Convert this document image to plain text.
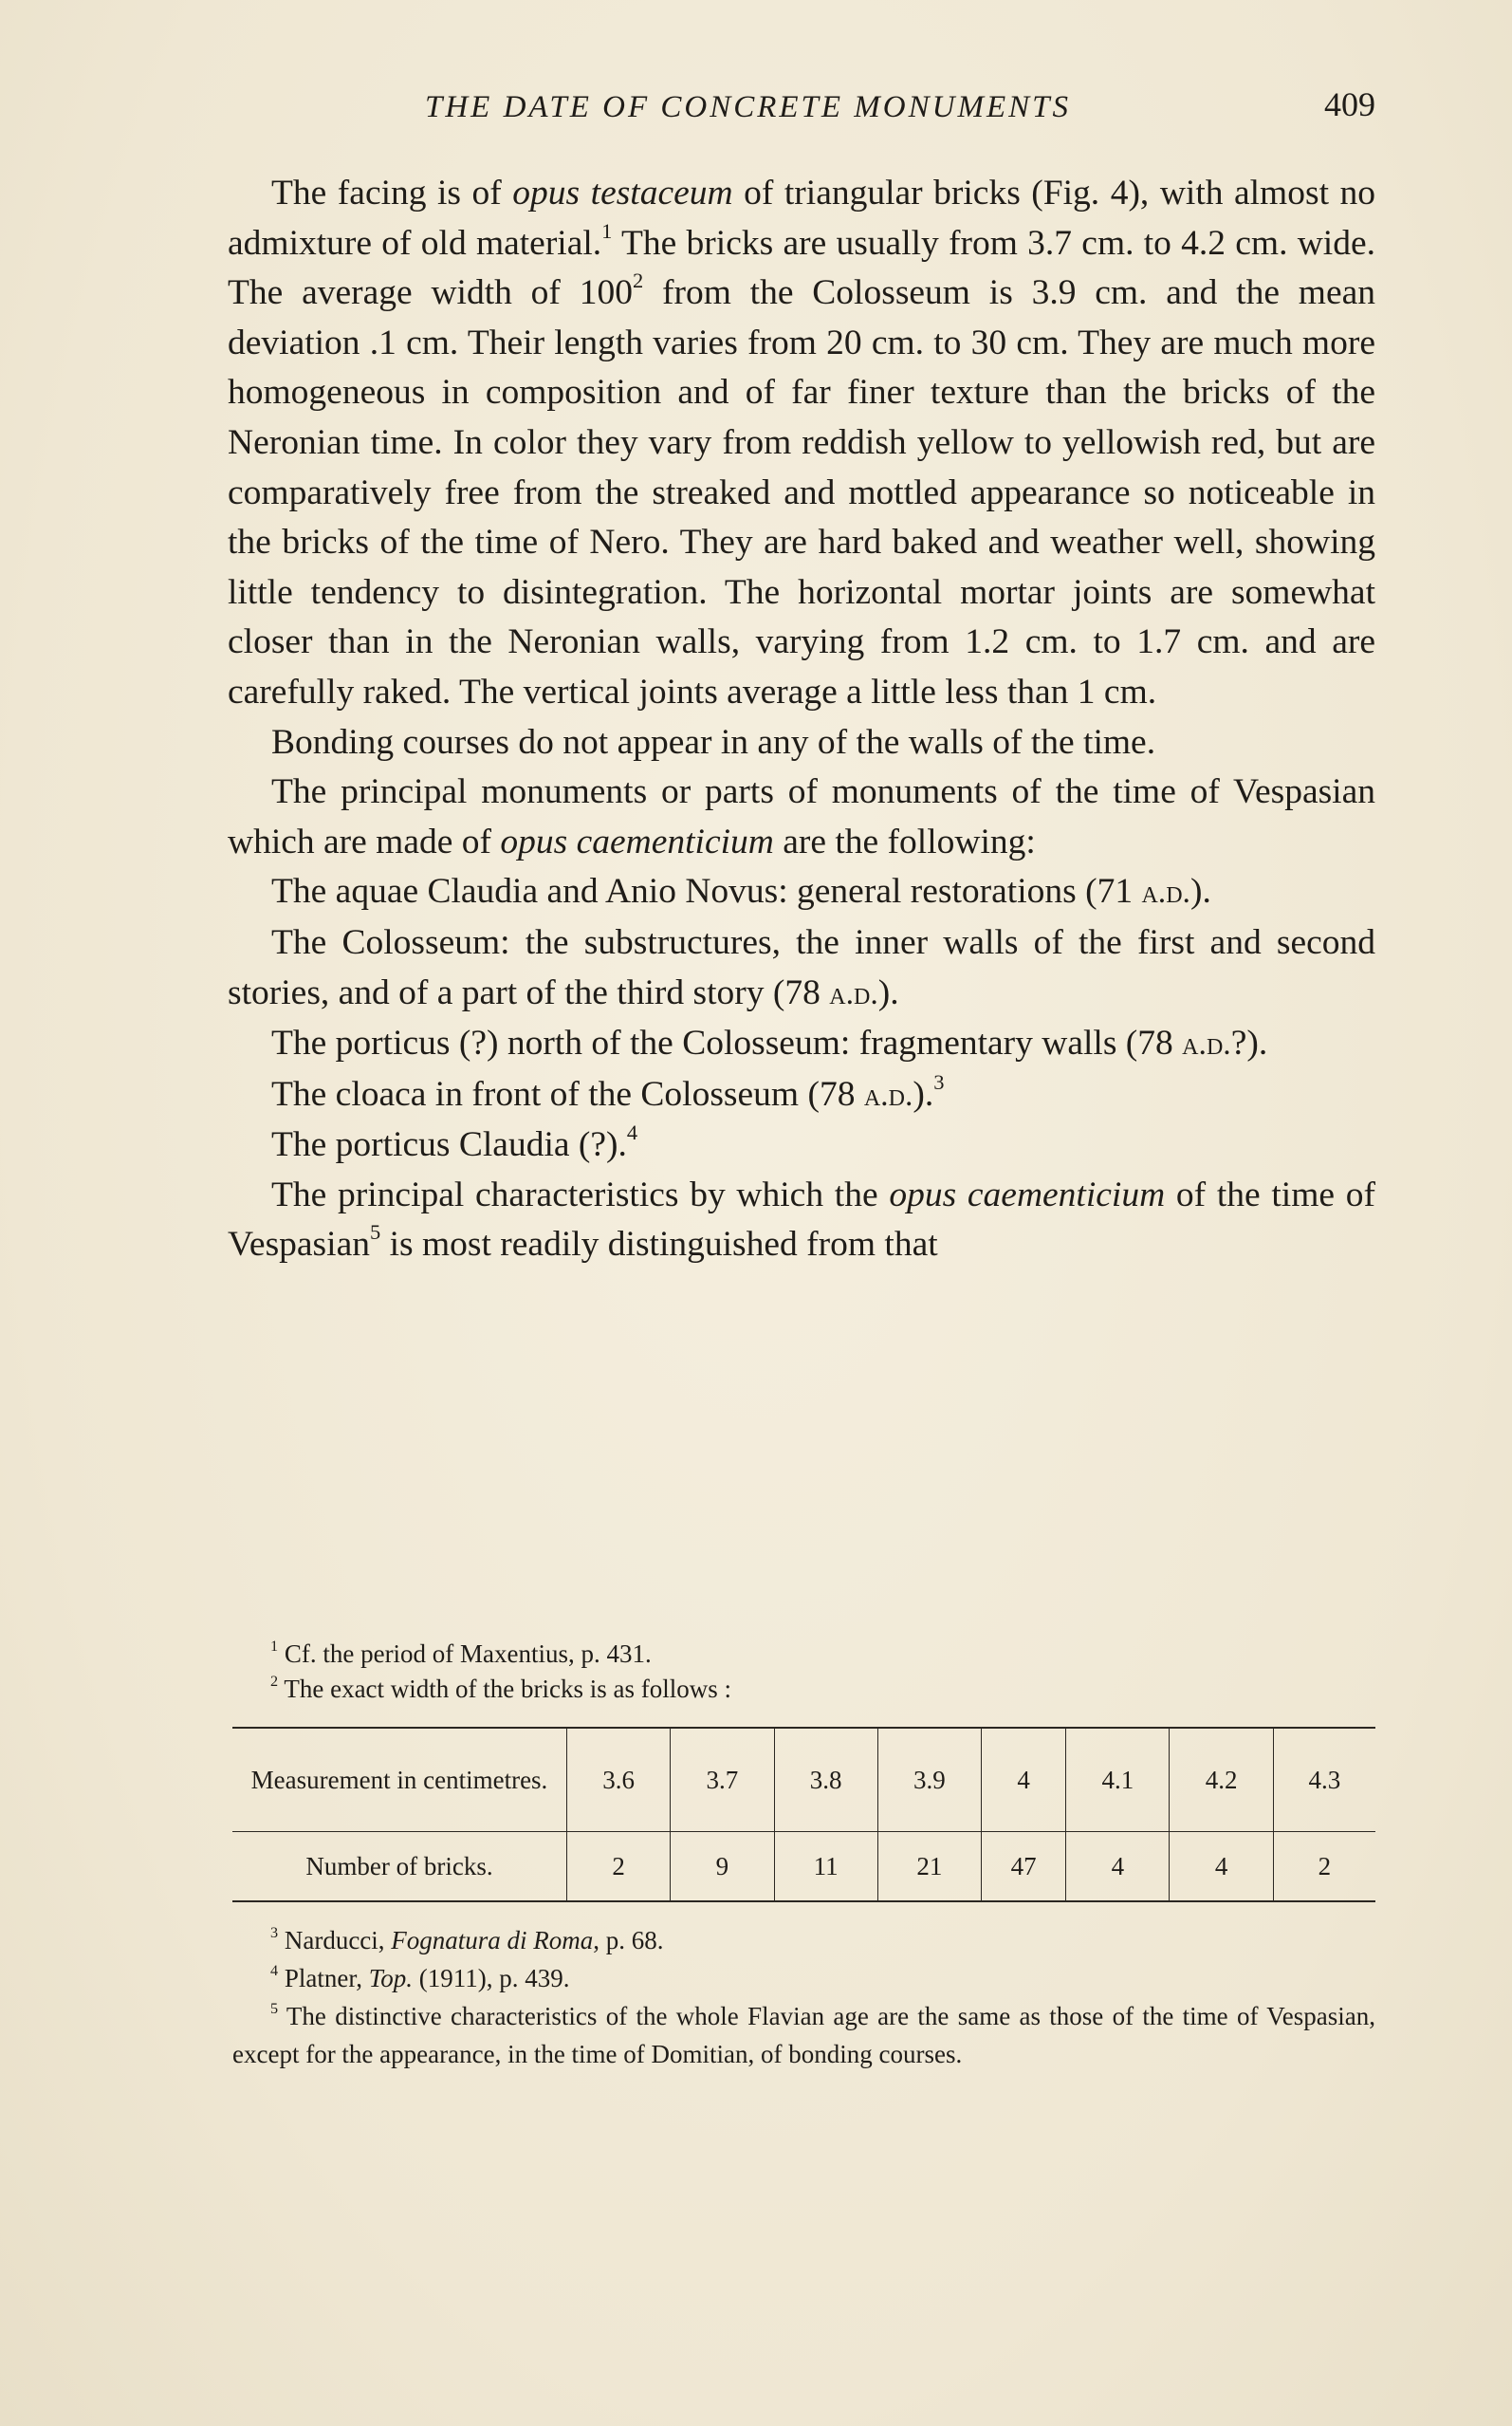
THE DATE OF CONCRETE MONUMENTS	409

The facing is of opus testaceum of triangular bricks (Fig. 4), with almost no admixture of old material.$^1$ The bricks are usually from 3.7 cm. to 4.2 cm. wide. The average width of $100^2$ from the Colosseum is 3.9 cm. and the mean deviation .1 cm. Their length varies from 20 cm. to 30 cm. They are much more homogeneous in composition and of far finer texture than the bricks of the Neronian time. In color they vary from reddish yellow to yellowish red, but are comparatively free from the streaked and mottled appearance so noticeable in the bricks of the time of Nero. They are hard baked and weather well, showing little tendency to disintegration. The horizontal mortar joints are somewhat closer than in the Neronian walls, varying from 1.2 cm. to 1.7 cm. and are carefully raked. The vertical joints average a little less than 1 cm.

Bonding courses do not appear in any of the walls of the time.

The principal monuments or parts of monuments of the time of Vespasian which are made of opus caementicium are the following:

The aquae Claudia and Anio Novus: general restorations (71 a.d.).

The Colosseum: the substructures, the inner walls of the first and second stories, and of a part of the third story (78 a.d.).

The porticus (?) north of the Colosseum: fragmentary walls (78 a.d.?).

The cloaca in front of the Colosseum (78 a.d.).$^3$

The porticus Claudia (?).$^4$

The principal characteristics by which the opus caementicium of the time of Vespasian$^5$ is most readily distinguished from that

$^1$ Cf. the period of Maxentius, p. 431.

$^2$ The exact width of the bricks is as follows :

Measurement in centimetres.	3.6	3.7	3.8	3.9	4	4.1	4.2	4.3
Number of bricks.	2	9	11	21	47	4	4	2

$^3$ Narducci, Fognatura di Roma, p. 68.

$^4$ Platner, Top. (1911), p. 439.

$^5$ The distinctive characteristics of the whole Flavian age are the same as those of the time of Vespasian, except for the appearance, in the time of Domitian, of bonding courses.
